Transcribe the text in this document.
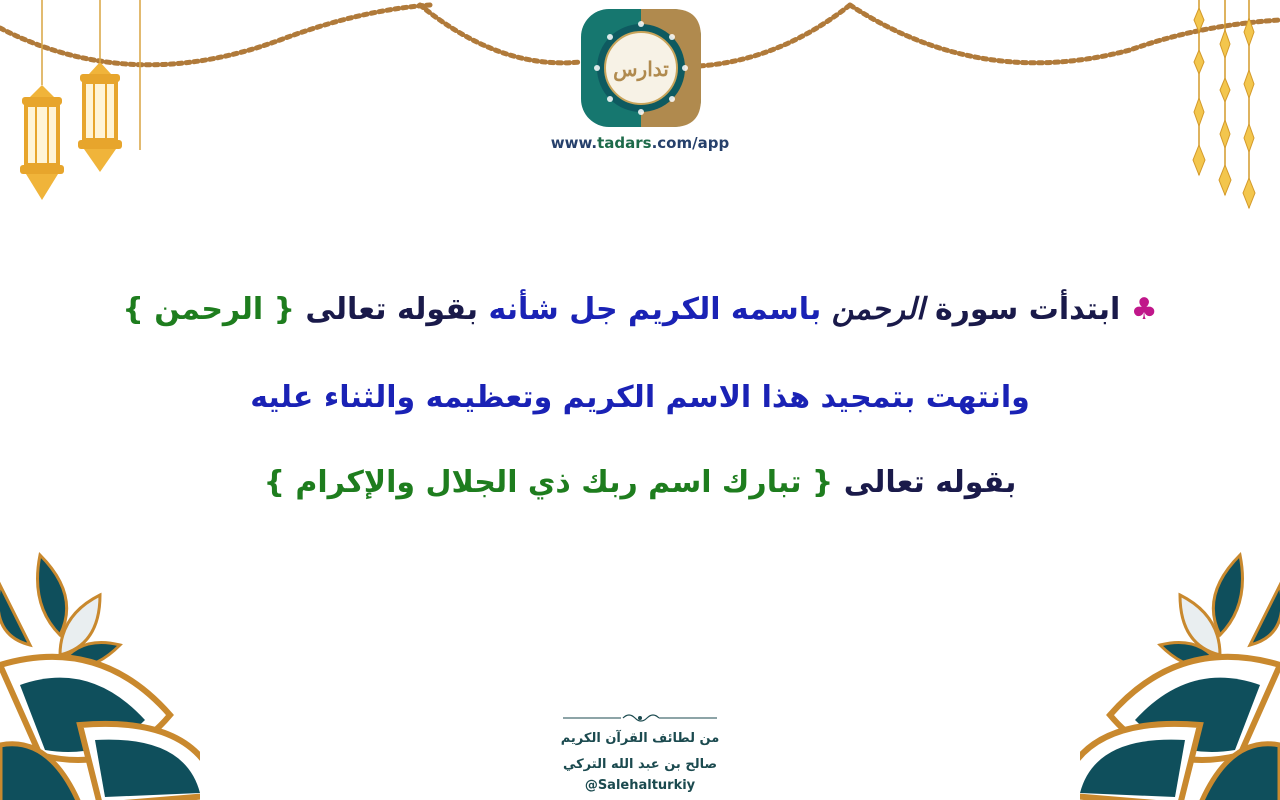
تدارس
www.tadars.com/app
♣ ابتدأت سورة الرحمن باسمه الكريم جل شأنه بقوله تعالى { الرحمن }
وانتهت بتمجيد هذا الاسم الكريم وتعظيمه والثناء عليه
بقوله تعالى { تبارك اسم ربك ذي الجلال والإكرام }
من لطائف القرآن الكريم
صالح بن عبد الله التركي
@Salehalturkiy
